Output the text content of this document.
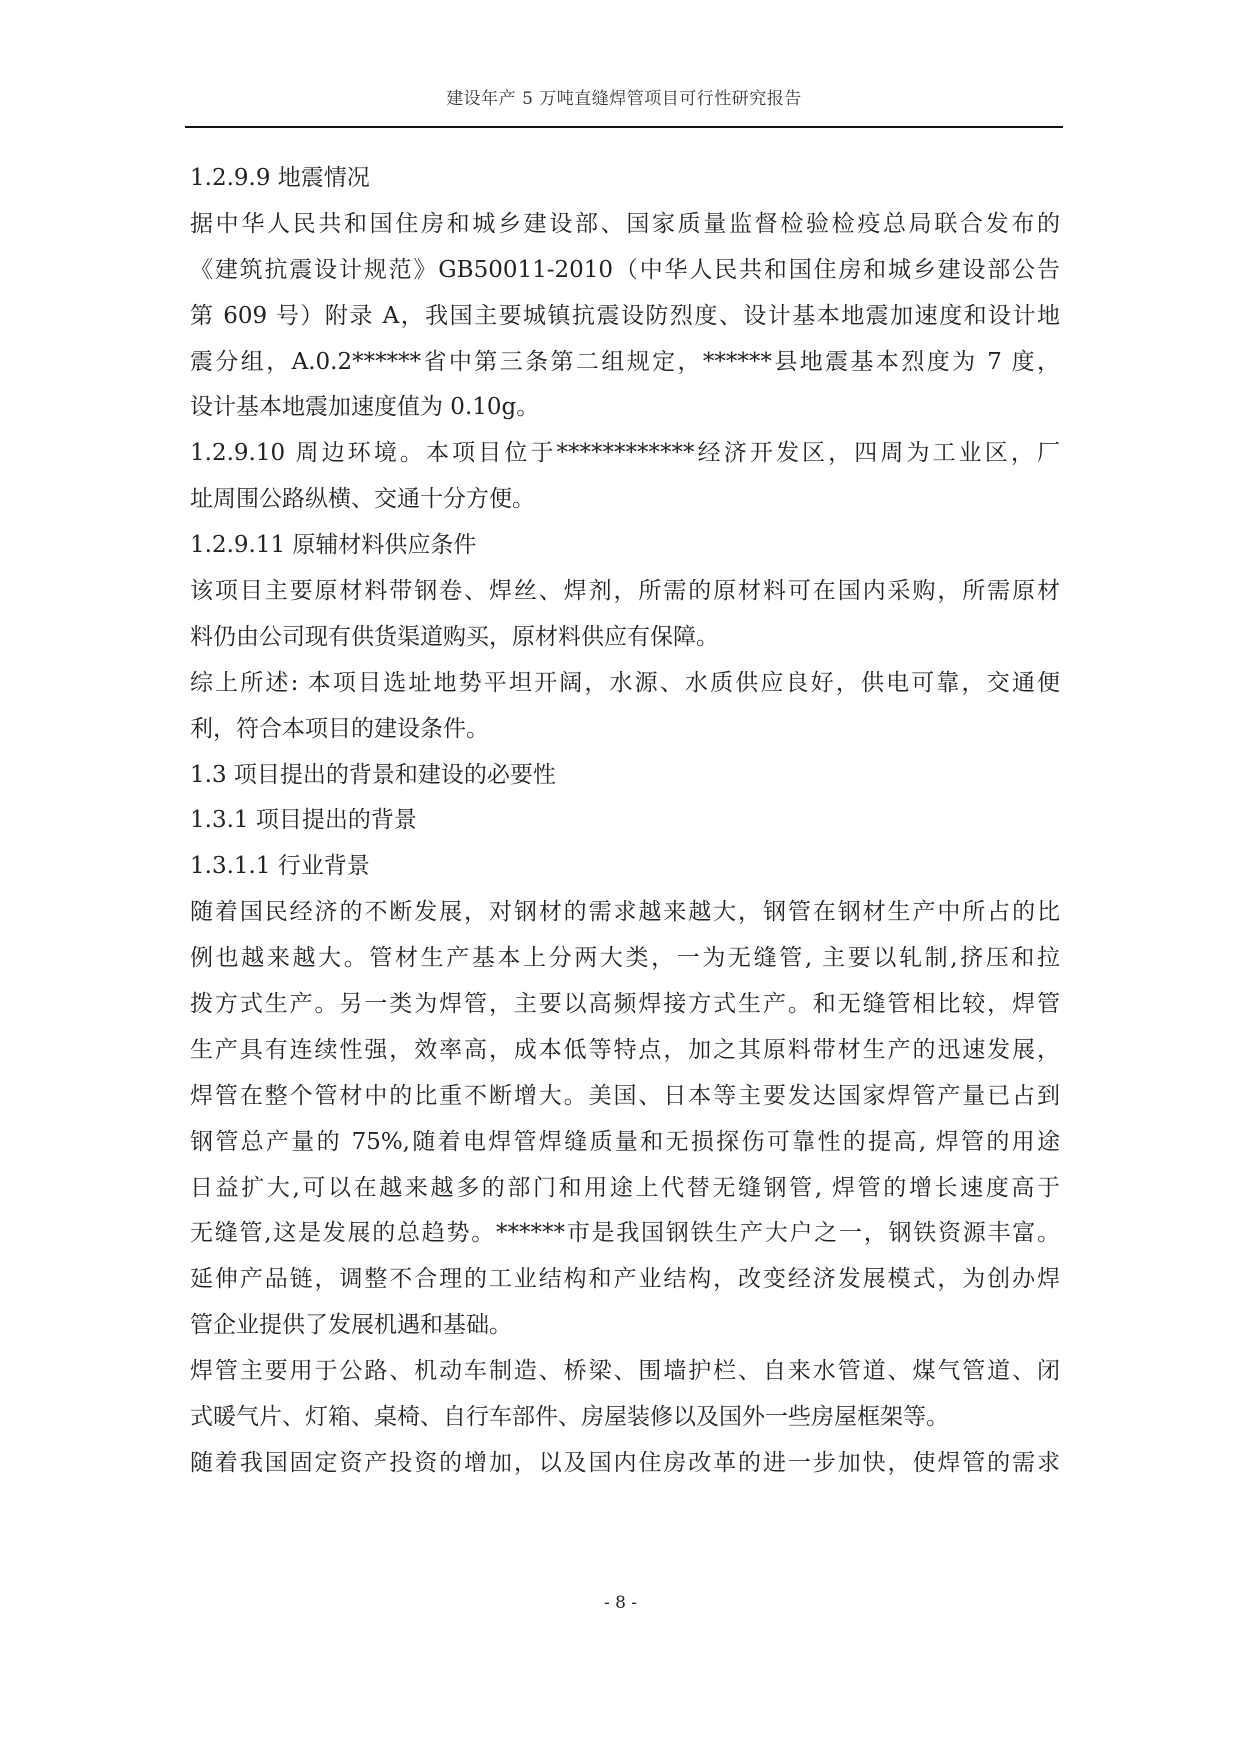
建设年产 5 万吨直缝焊管项目可行性研究报告
1.2.9.9 地震情况
据中华人民共和国住房和城乡建设部、国家质量监督检验检疫总局联合发布的
《建筑抗震设计规范》GB50011-2010（中华人民共和国住房和城乡建设部公告
第 609 号）附录 A，我国主要城镇抗震设防烈度、设计基本地震加速度和设计地
震分组，A.0.2******省中第三条第二组规定，******县地震基本烈度为 7 度，
设计基本地震加速度值为 0.10g。
1.2.9.10 周边环境。本项目位于************经济开发区，四周为工业区，厂
址周围公路纵横、交通十分方便。
1.2.9.11 原辅材料供应条件
该项目主要原材料带钢卷、焊丝、焊剂，所需的原材料可在国内采购，所需原材
料仍由公司现有供货渠道购买，原材料供应有保障。
综上所述: 本项目选址地势平坦开阔，水源、水质供应良好，供电可靠，交通便
利，符合本项目的建设条件。
1.3 项目提出的背景和建设的必要性
1.3.1 项目提出的背景
1.3.1.1 行业背景
随着国民经济的不断发展，对钢材的需求越来越大，钢管在钢材生产中所占的比
例也越来越大。管材生产基本上分两大类，一为无缝管, 主要以轧制,挤压和拉
拨方式生产。另一类为焊管，主要以高频焊接方式生产。和无缝管相比较，焊管
生产具有连续性强，效率高，成本低等特点，加之其原料带材生产的迅速发展，
焊管在整个管材中的比重不断增大。美国、日本等主要发达国家焊管产量已占到
钢管总产量的 75%,随着电焊管焊缝质量和无损探伤可靠性的提高, 焊管的用途
日益扩大,可以在越来越多的部门和用途上代替无缝钢管, 焊管的增长速度高于
无缝管,这是发展的总趋势。******市是我国钢铁生产大户之一，钢铁资源丰富。
延伸产品链，调整不合理的工业结构和产业结构，改变经济发展模式，为创办焊
管企业提供了发展机遇和基础。
焊管主要用于公路、机动车制造、桥梁、围墙护栏、自来水管道、煤气管道、闭
式暖气片、灯箱、桌椅、自行车部件、房屋装修以及国外一些房屋框架等。
随着我国固定资产投资的增加，以及国内住房改革的进一步加快，使焊管的需求
- 8 -
